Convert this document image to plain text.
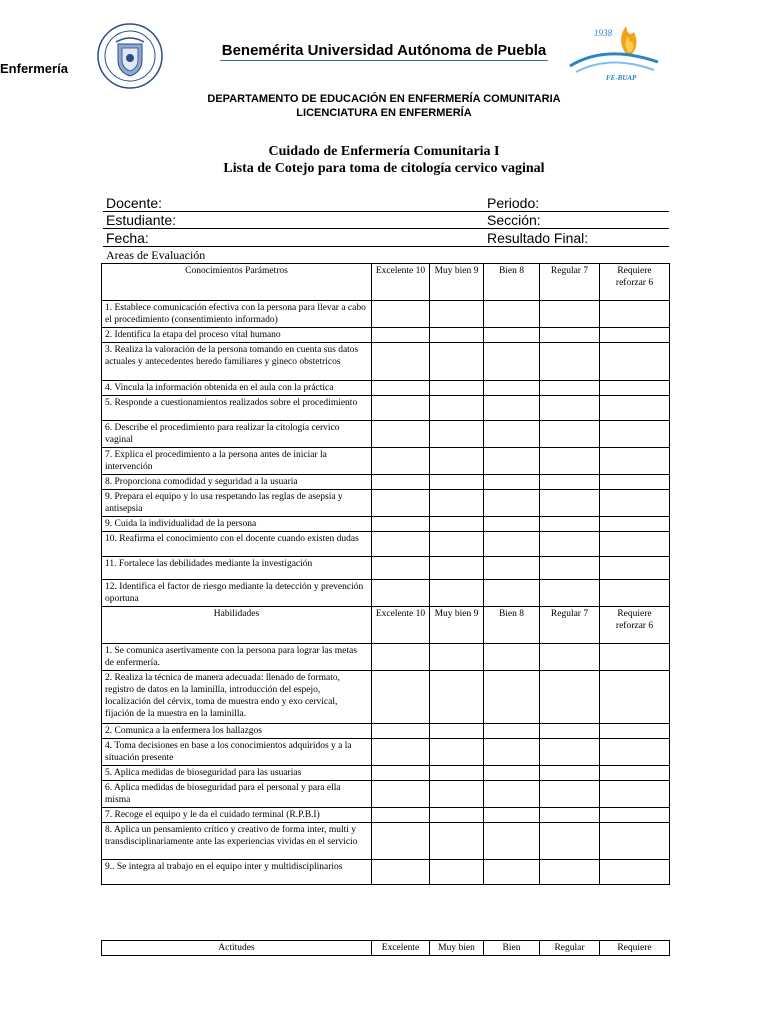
Enfermería
Benemérita Universidad Autónoma de Puebla
1938
FE-BUAP
DEPARTAMENTO DE EDUCACIÓN EN ENFERMERÍA COMUNITARIA
LICENCIATURA EN ENFERMERÍA
Cuidado de Enfermería Comunitaria I
Lista de Cotejo para toma de citología cervico vaginal
Docente:	Periodo:
Estudiante:	Sección:
Fecha:	Resultado Final:
Areas de Evaluación
Conocimientos Parámetros	Excelente 10	Muy bien 9	Bien 8	Regular 7	Requiere reforzar 6
1. Establece comunicación efectiva con la persona para llevar a cabo el procedimiento (consentimiento informado)					
2. Identifica la etapa del proceso vital humano					
3. Realiza la valoración de la persona tomando en cuenta sus datos actuales y antecedentes heredo familiares y gineco obstetricos					
4. Vincula la información obtenida en el aula con la práctica					
5. Responde a cuestionamientos realizados sobre el procedimiento					
6. Describe el procedimiento para realizar la citología cervico vaginal					
7. Explica el procedimiento a la persona antes de iniciar la intervención					
8. Proporciona comodidad y seguridad a la usuaria					
9. Prepara el equipo y lo usa respetando las reglas de asepsia y antisepsia					
9. Cuida la individualidad de la persona					
10. Reafirma el conocimiento con el docente cuando existen dudas					
11. Fortalece las debilidades mediante la investigación					
12. Identifica el factor de riesgo mediante la detección y prevención oportuna					
Habilidades	Excelente 10	Muy bien 9	Bien 8	Regular 7	Requiere reforzar 6
1. Se comunica asertivamente con la persona para lograr las metas de enfermería.					
2. Realiza la técnica de manera adecuada: llenado de formato, registro de datos en la laminilla, introducción del espejo, localización del cérvix, toma de muestra endo y exo cervical, fijación de la muestra en la laminilla.					
2. Comunica a la enfermera los hallazgos					
4. Toma decisiones en base a los conocimientos adquiridos y a la situación presente					
5. Aplica medidas de bioseguridad para las usuarias					
6. Aplica medidas de bioseguridad para el personal y para ella misma					
7. Recoge el equipo y le da el cuidado terminal (R.P.B.I)					
8. Aplica un pensamiento crítico y creativo de forma inter, multi y transdisciplinariamente ante las experiencias vividas en el servicio					
9.. Se integra al trabajo en el equipo inter y multidisciplinarios					
Actitudes	Excelente	Muy bien	Bien	Regular	Requiere
